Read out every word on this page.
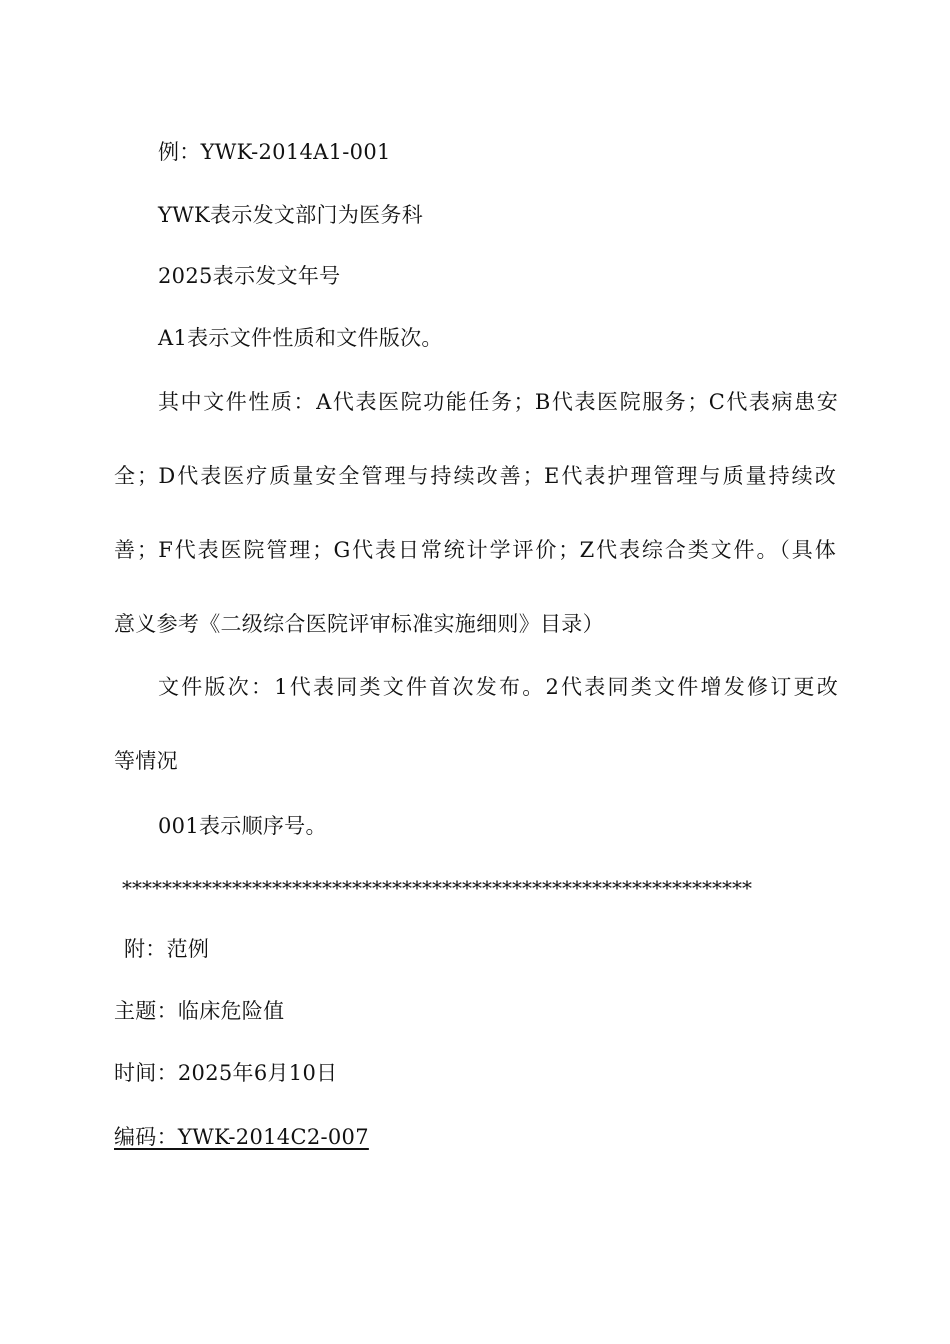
例：YWK-2014A1-001
YWK表示发文部门为医务科
2025表示发文年号
A1表示文件性质和文件版次。
其中文件性质：A代表医院功能任务；B代表医院服务；C代表病患安
全；D代表医疗质量安全管理与持续改善；E代表护理管理与质量持续改
善；F代表医院管理；G代表日常统计学评价；Z代表综合类文件。（具体
意义参考《二级综合医院评审标准实施细则》目录）
文件版次：1代表同类文件首次发布。2代表同类文件增发修订更改
等情况
001表示顺序号。
***************************************************************
附：范例
主题：临床危险值
时间：2025年6月10日
编码：YWK-2014C2-007
